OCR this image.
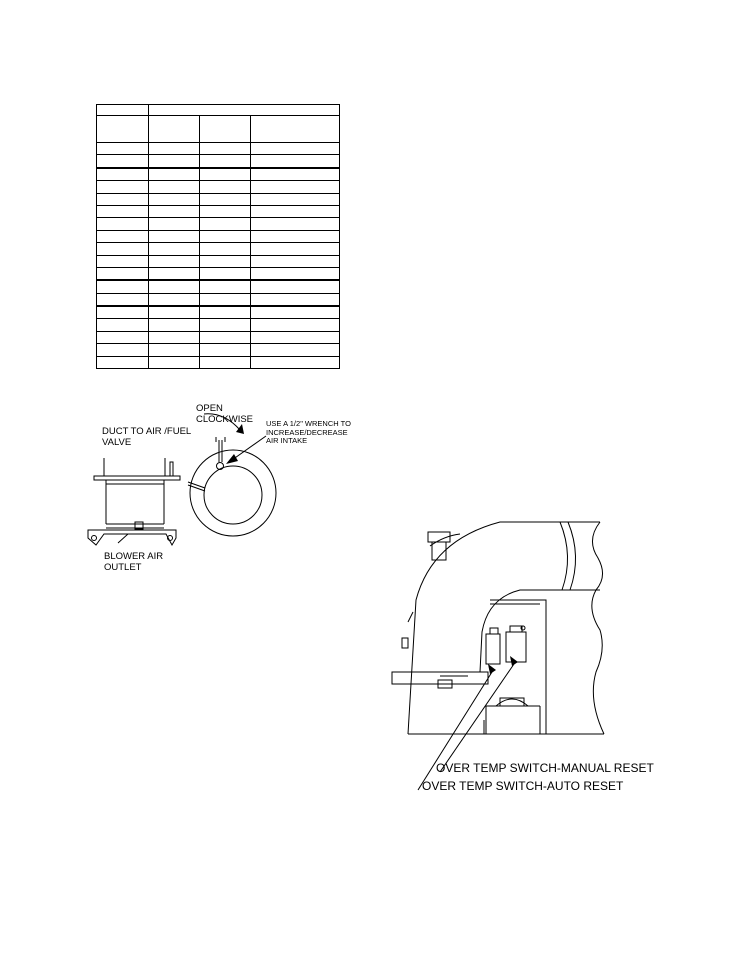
DUCT TO AIR /FUEL VALVE
BLOWER AIR OUTLET
OPEN CLOCKWISE	USE A 1/2" WRENCH TO INCREASE/DECREASE AIR INTAKE
OVER TEMP SWITCH-MANUAL RESET
OVER TEMP SWITCH-AUTO RESET
